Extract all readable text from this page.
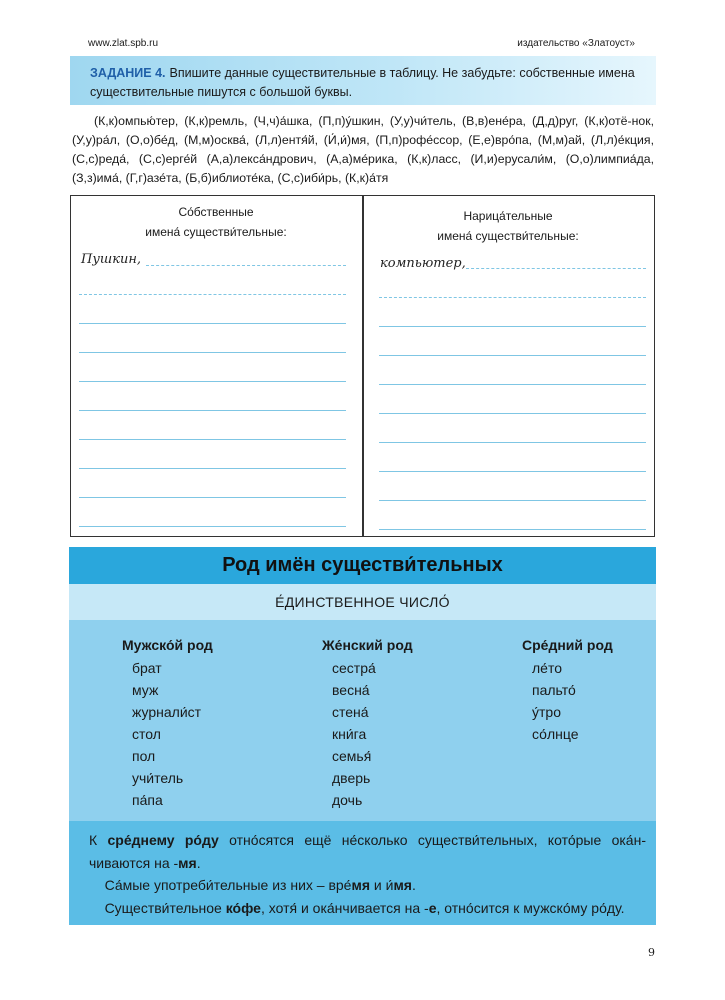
www.zlat.spb.ru	издательство «Златоуст»
ЗАДАНИЕ 4. Впишите данные существительные в таблицу. Не забудьте: собственные имена
существительные пишутся с большой буквы.
(К,к)омпью́тер, (К,к)ремль, (Ч,ч)а́шка, (П,п)у́шкин, (У,у)чи́тель, (В,в)ене́ра, (Д,д)руг, (К,к)отё-нок, (У,у)ра́л, (О,о)бе́д, (М,м)осква́, (Л,л)ентя́й, (И́,и́)мя, (П,п)рофе́ссор, (Е,е)вро́па, (М,м)ай, (Л,л)е́кция, (С,с)реда́, (С,с)ерге́й (А,а)лекса́ндрович, (А,а)ме́рика, (К,к)ласс, (И,и)ерусали́м, (О,о)лимпиа́да, (З,з)има́, (Г,г)азе́та, (Б,б)иблиоте́ка, (С,с)иби́рь, (К,к)а́тя
Со́бственные
имена́ существи́тельные:
Нарица́тельные
имена́ существи́тельные:
Пушкин,	компьютер,
Род имён существи́тельных
Е́ДИНСТВЕННОЕ ЧИСЛО́
Мужско́й род
брат
муж
журнали́ст
стол
пол
учи́тель
па́па
Же́нский род
сестра́
весна́
стена́
кни́га
семья́
дверь
дочь
Сре́дний род
ле́то
пальто́
у́тро
со́лнце
К сре́днему ро́ду отно́сятся ещё не́сколько существи́тельных, кото́рые ока́н-чиваются на -мя.
Са́мые употреби́тельные из них – вре́мя и и́мя.
Существи́тельное ко́фе, хотя́ и ока́нчивается на -е, отно́сится к мужско́му ро́ду.
9
